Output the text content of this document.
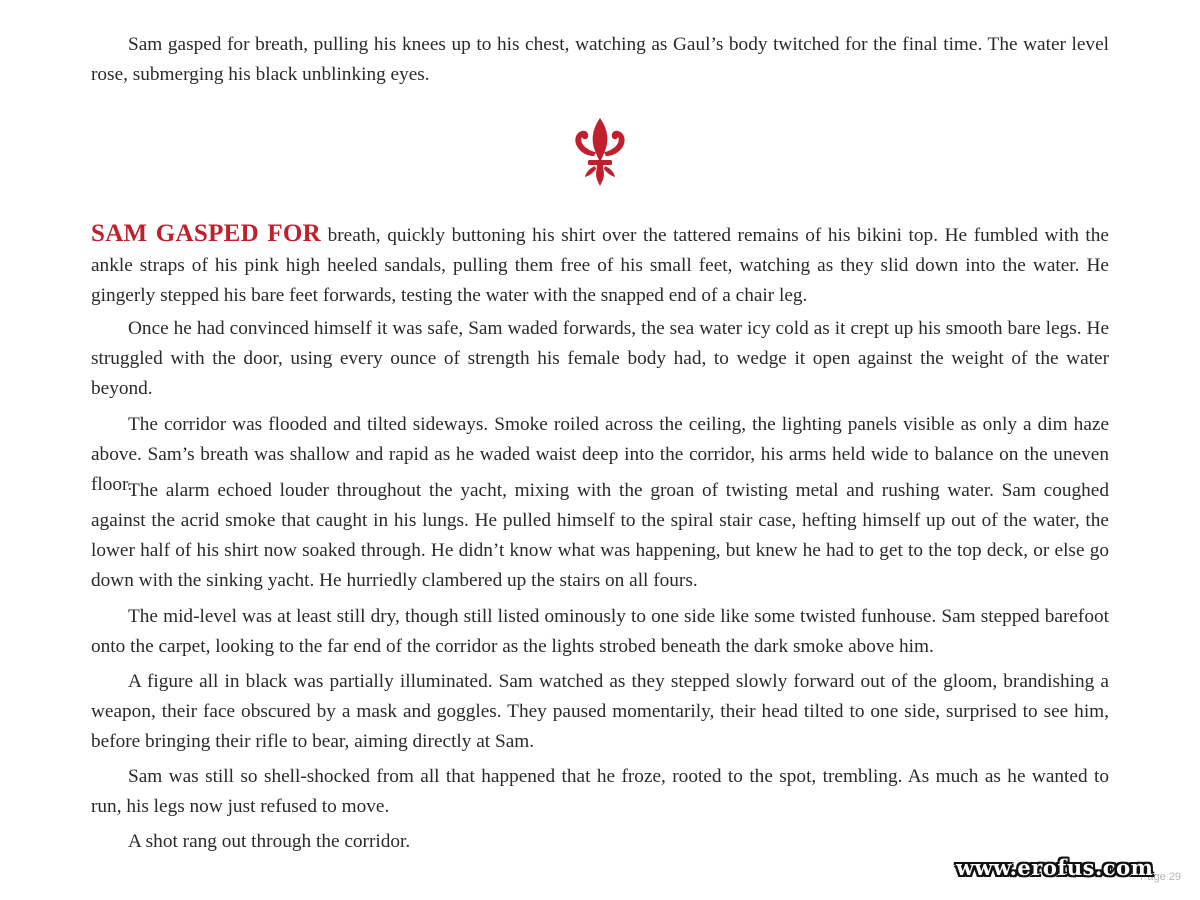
Sam gasped for breath, pulling his knees up to his chest, watching as Gaul’s body twitched for the final time. The water level rose, submerging his black unblinking eyes.

SAM GASPED FOR breath, quickly buttoning his shirt over the tattered remains of his bikini top. He fumbled with the ankle straps of his pink high heeled sandals, pulling them free of his small feet, watching as they slid down into the water. He gingerly stepped his bare feet forwards, testing the water with the snapped end of a chair leg.

Once he had convinced himself it was safe, Sam waded forwards, the sea water icy cold as it crept up his smooth bare legs. He struggled with the door, using every ounce of strength his female body had, to wedge it open against the weight of the water beyond.

The corridor was flooded and tilted sideways. Smoke roiled across the ceiling, the lighting panels visible as only a dim haze above. Sam’s breath was shallow and rapid as he waded waist deep into the corridor, his arms held wide to balance on the uneven floor.

The alarm echoed louder throughout the yacht, mixing with the groan of twisting metal and rushing water. Sam coughed against the acrid smoke that caught in his lungs. He pulled himself to the spiral stair case, hefting himself up out of the water, the lower half of his shirt now soaked through. He didn’t know what was happening, but knew he had to get to the top deck, or else go down with the sinking yacht. He hurriedly clambered up the stairs on all fours.

The mid-level was at least still dry, though still listed ominously to one side like some twisted funhouse. Sam stepped barefoot onto the carpet, looking to the far end of the corridor as the lights strobed beneath the dark smoke above him.

A figure all in black was partially illuminated. Sam watched as they stepped slowly forward out of the gloom, brandishing a weapon, their face obscured by a mask and goggles. They paused momentarily, their head tilted to one side, surprised to see him, before bringing their rifle to bear, aiming directly at Sam.

Sam was still so shell-shocked from all that happened that he froze, rooted to the spot, trembling. As much as he wanted to run, his legs now just refused to move.

A shot rang out through the corridor.

Page 29
www.erofus.com
